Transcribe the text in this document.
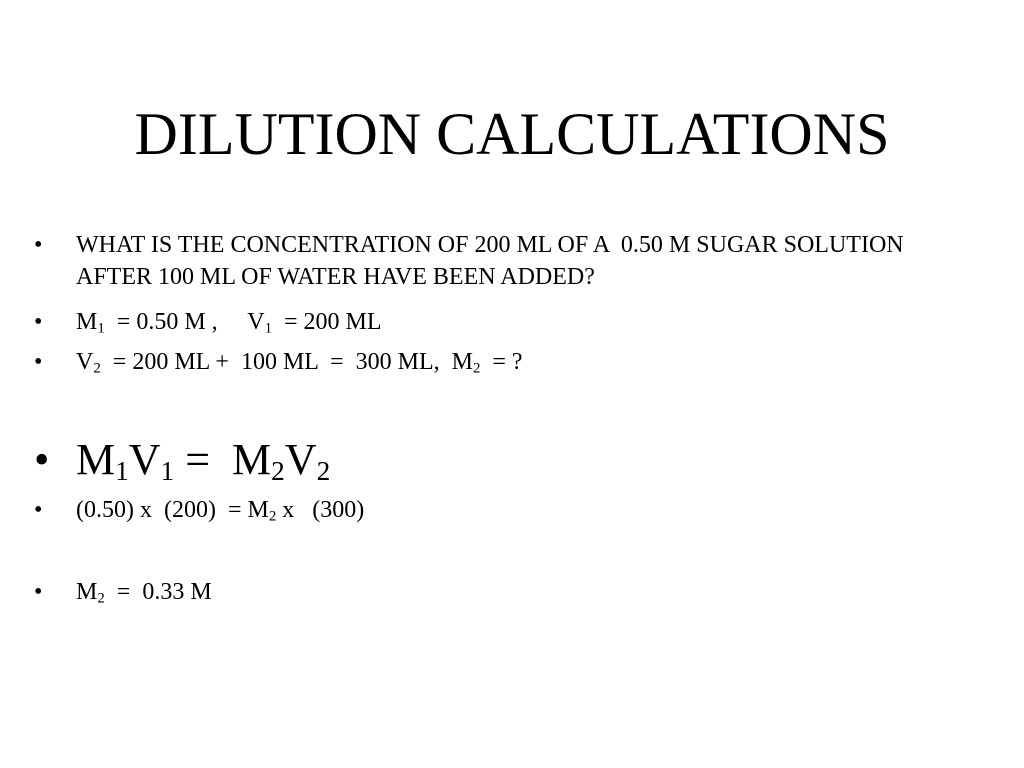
DILUTION CALCULATIONS

•

WHAT IS THE CONCENTRATION OF 200 ML OF A  0.50 M SUGAR SOLUTION AFTER 100 ML OF WATER HAVE BEEN ADDED?

•

$M_1 = 0.50$ M ,     $V_1 = 200$ ML

•

$V_2 = 200$ ML +  100 ML  =  300 ML,  $M_2$  = ?

•

$M_1V_1 = M_2V_2$

•

(0.50) x  $(200) = M_2$ x   (300)

•

$M_2 = 0.33$ M
